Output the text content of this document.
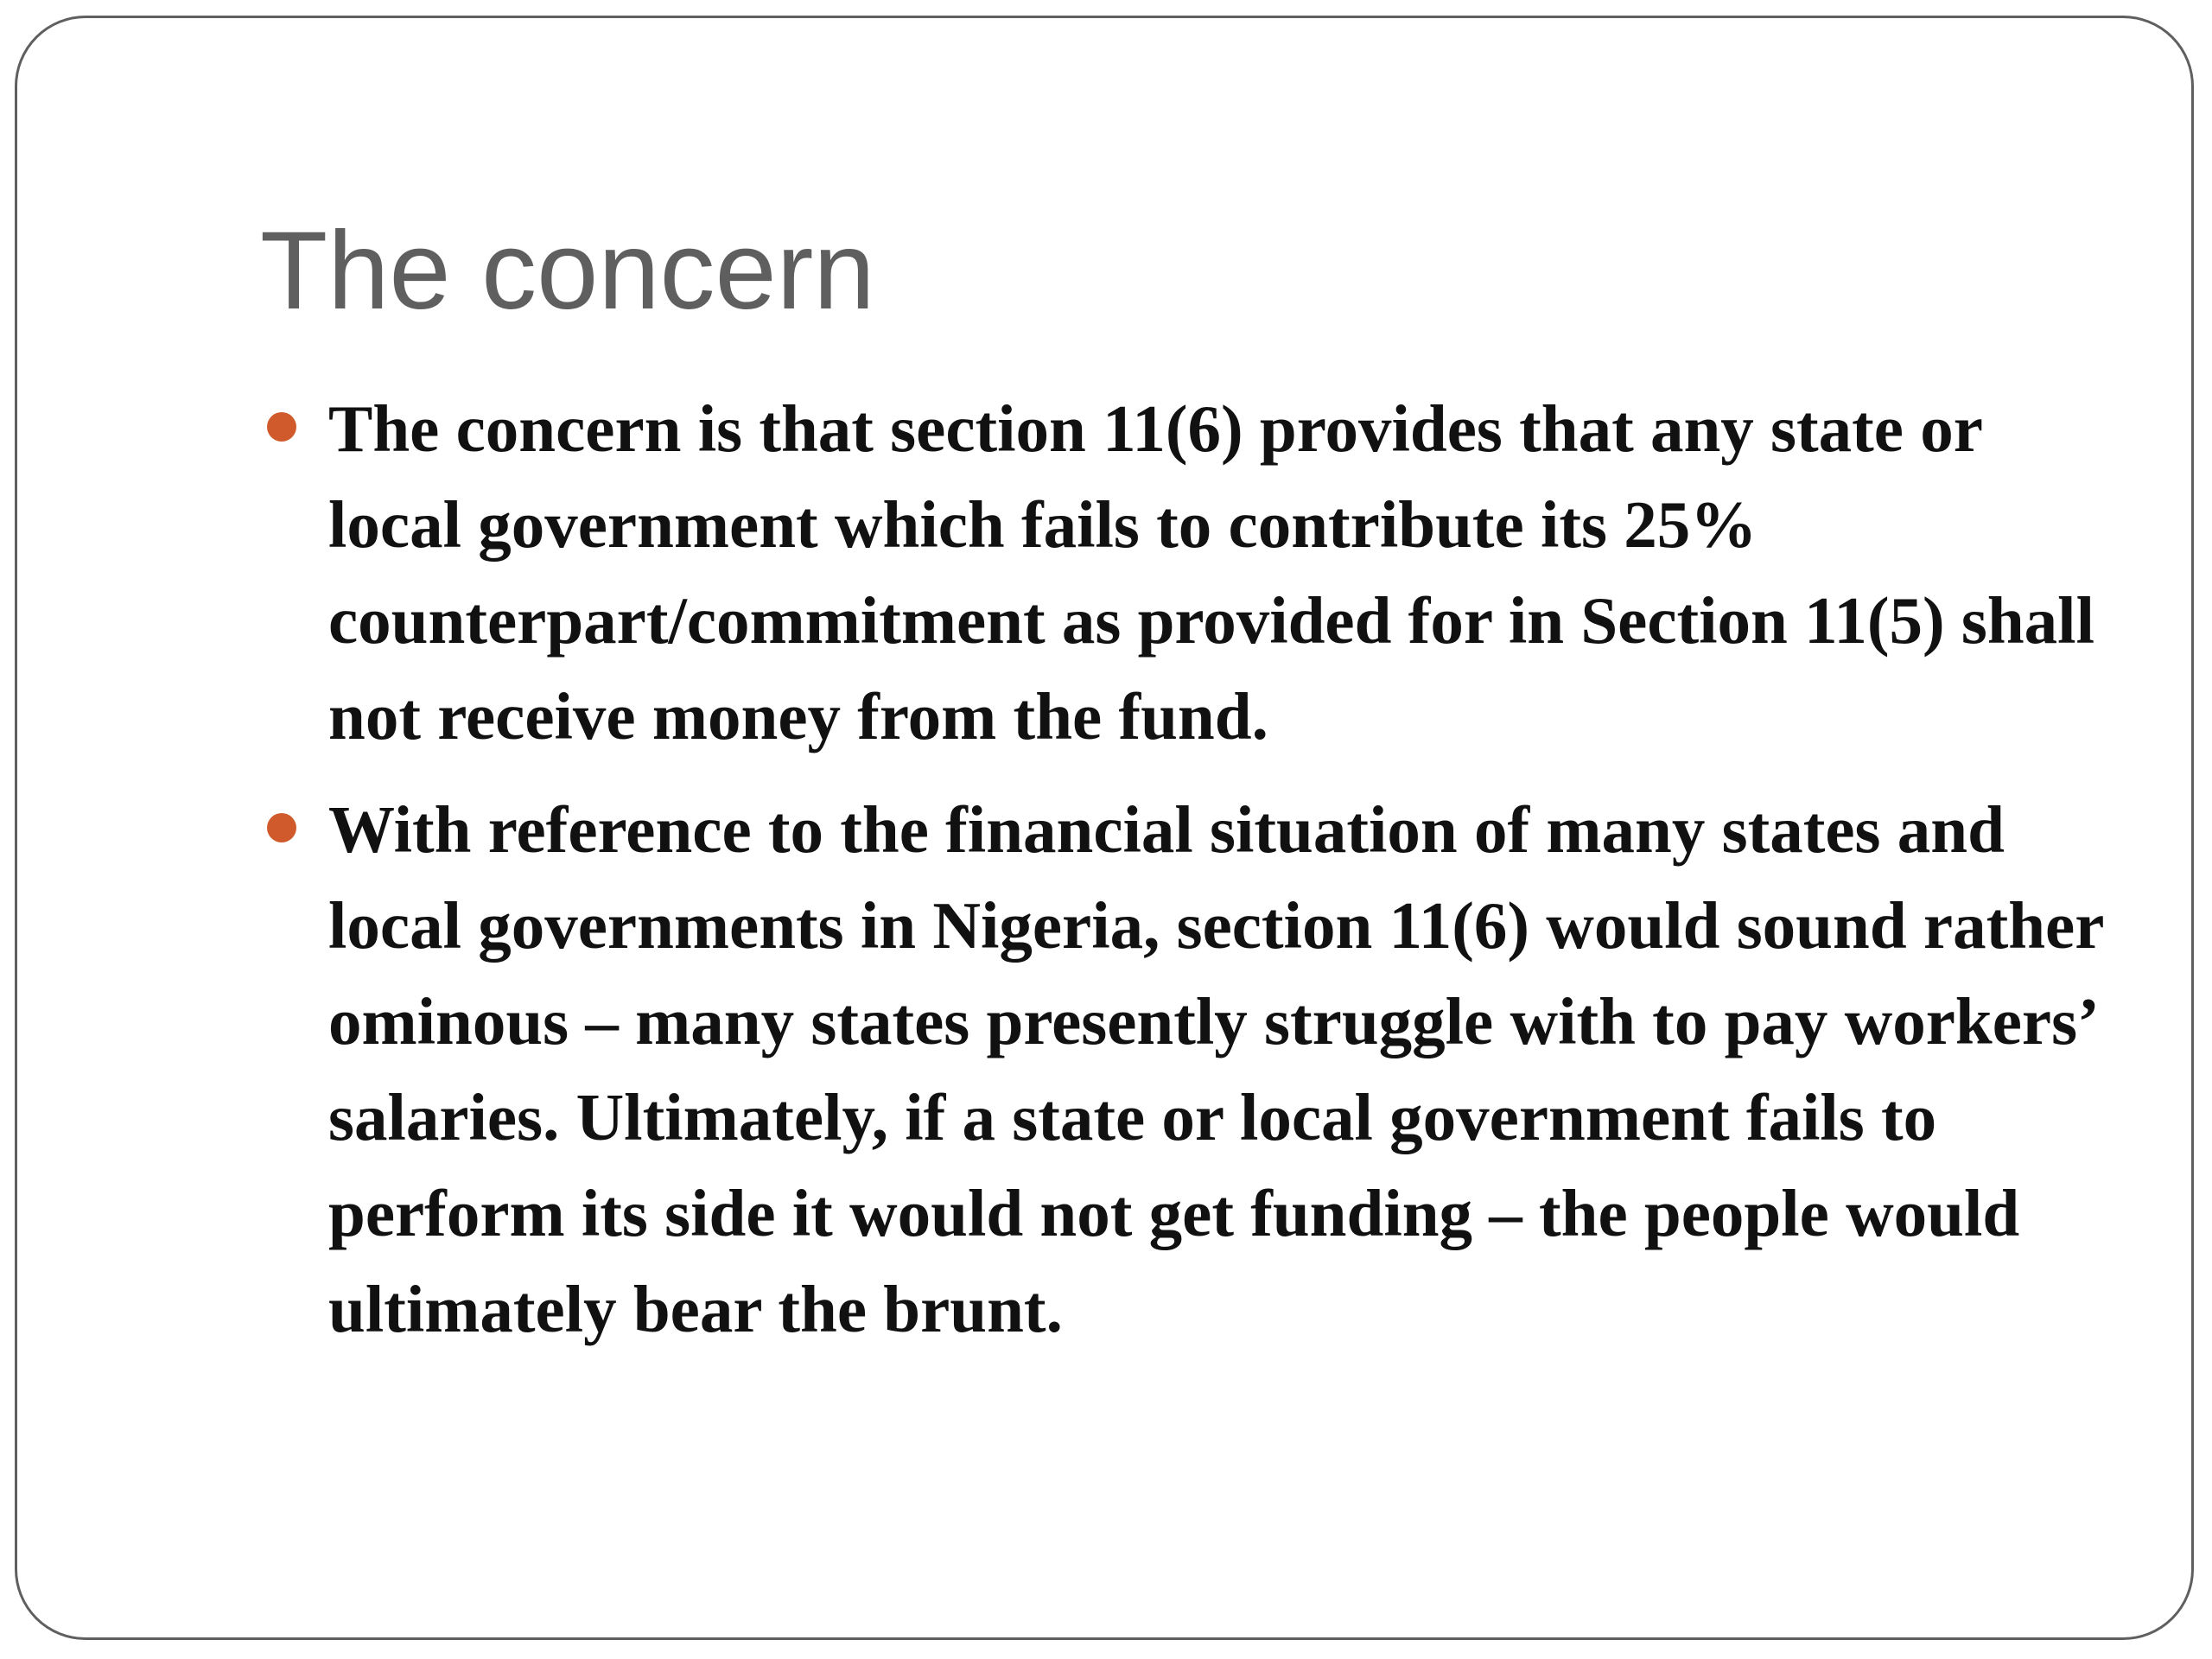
The concern
The concern is that section 11(6) provides that any state or local government which fails to contribute its 25% counterpart/commitment as provided for in Section 11(5) shall not receive money from the fund.
With reference to the financial situation of many states and local governments in Nigeria, section 11(6) would sound rather ominous – many states presently struggle with to pay workers’ salaries. Ultimately, if a state or local government fails to perform its side it would not get funding – the people would ultimately bear the brunt.
